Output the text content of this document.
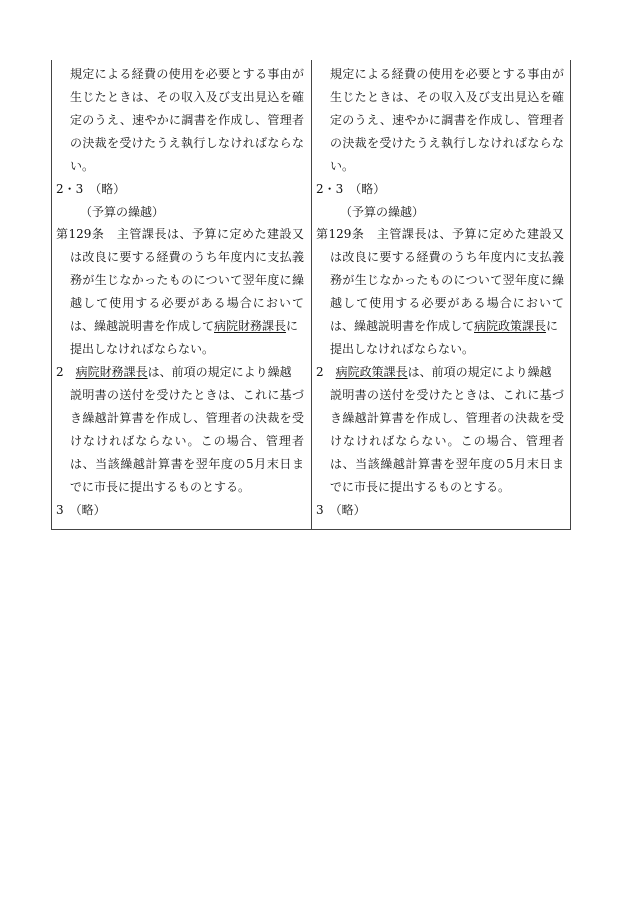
規定による経費の使用を必要とする事由が
生じたときは、その収入及び支出見込を確
定のうえ、速やかに調書を作成し、管理者
の決裁を受けたうえ執行しなければならな
い。
2・3　（略）
（予算の繰越）
第129条　主管課長は、予算に定めた建設又
は改良に要する経費のうち年度内に支払義
務が生じなかったものについて翌年度に繰
越して使用する必要がある場合において
は、繰越説明書を作成して病院財務課長に
提出しなければならない。
2　病院財務課長は、前項の規定により繰越
説明書の送付を受けたときは、これに基づ
き繰越計算書を作成し、管理者の決裁を受
けなければならない。この場合、管理者
は、当該繰越計算書を翌年度の5月末日ま
でに市長に提出するものとする。
3　（略）
規定による経費の使用を必要とする事由が
生じたときは、その収入及び支出見込を確
定のうえ、速やかに調書を作成し、管理者
の決裁を受けたうえ執行しなければならな
い。
2・3　（略）
（予算の繰越）
第129条　主管課長は、予算に定めた建設又
は改良に要する経費のうち年度内に支払義
務が生じなかったものについて翌年度に繰
越して使用する必要がある場合において
は、繰越説明書を作成して病院政策課長に
提出しなければならない。
2　病院政策課長は、前項の規定により繰越
説明書の送付を受けたときは、これに基づ
き繰越計算書を作成し、管理者の決裁を受
けなければならない。この場合、管理者
は、当該繰越計算書を翌年度の5月末日ま
でに市長に提出するものとする。
3　（略）
